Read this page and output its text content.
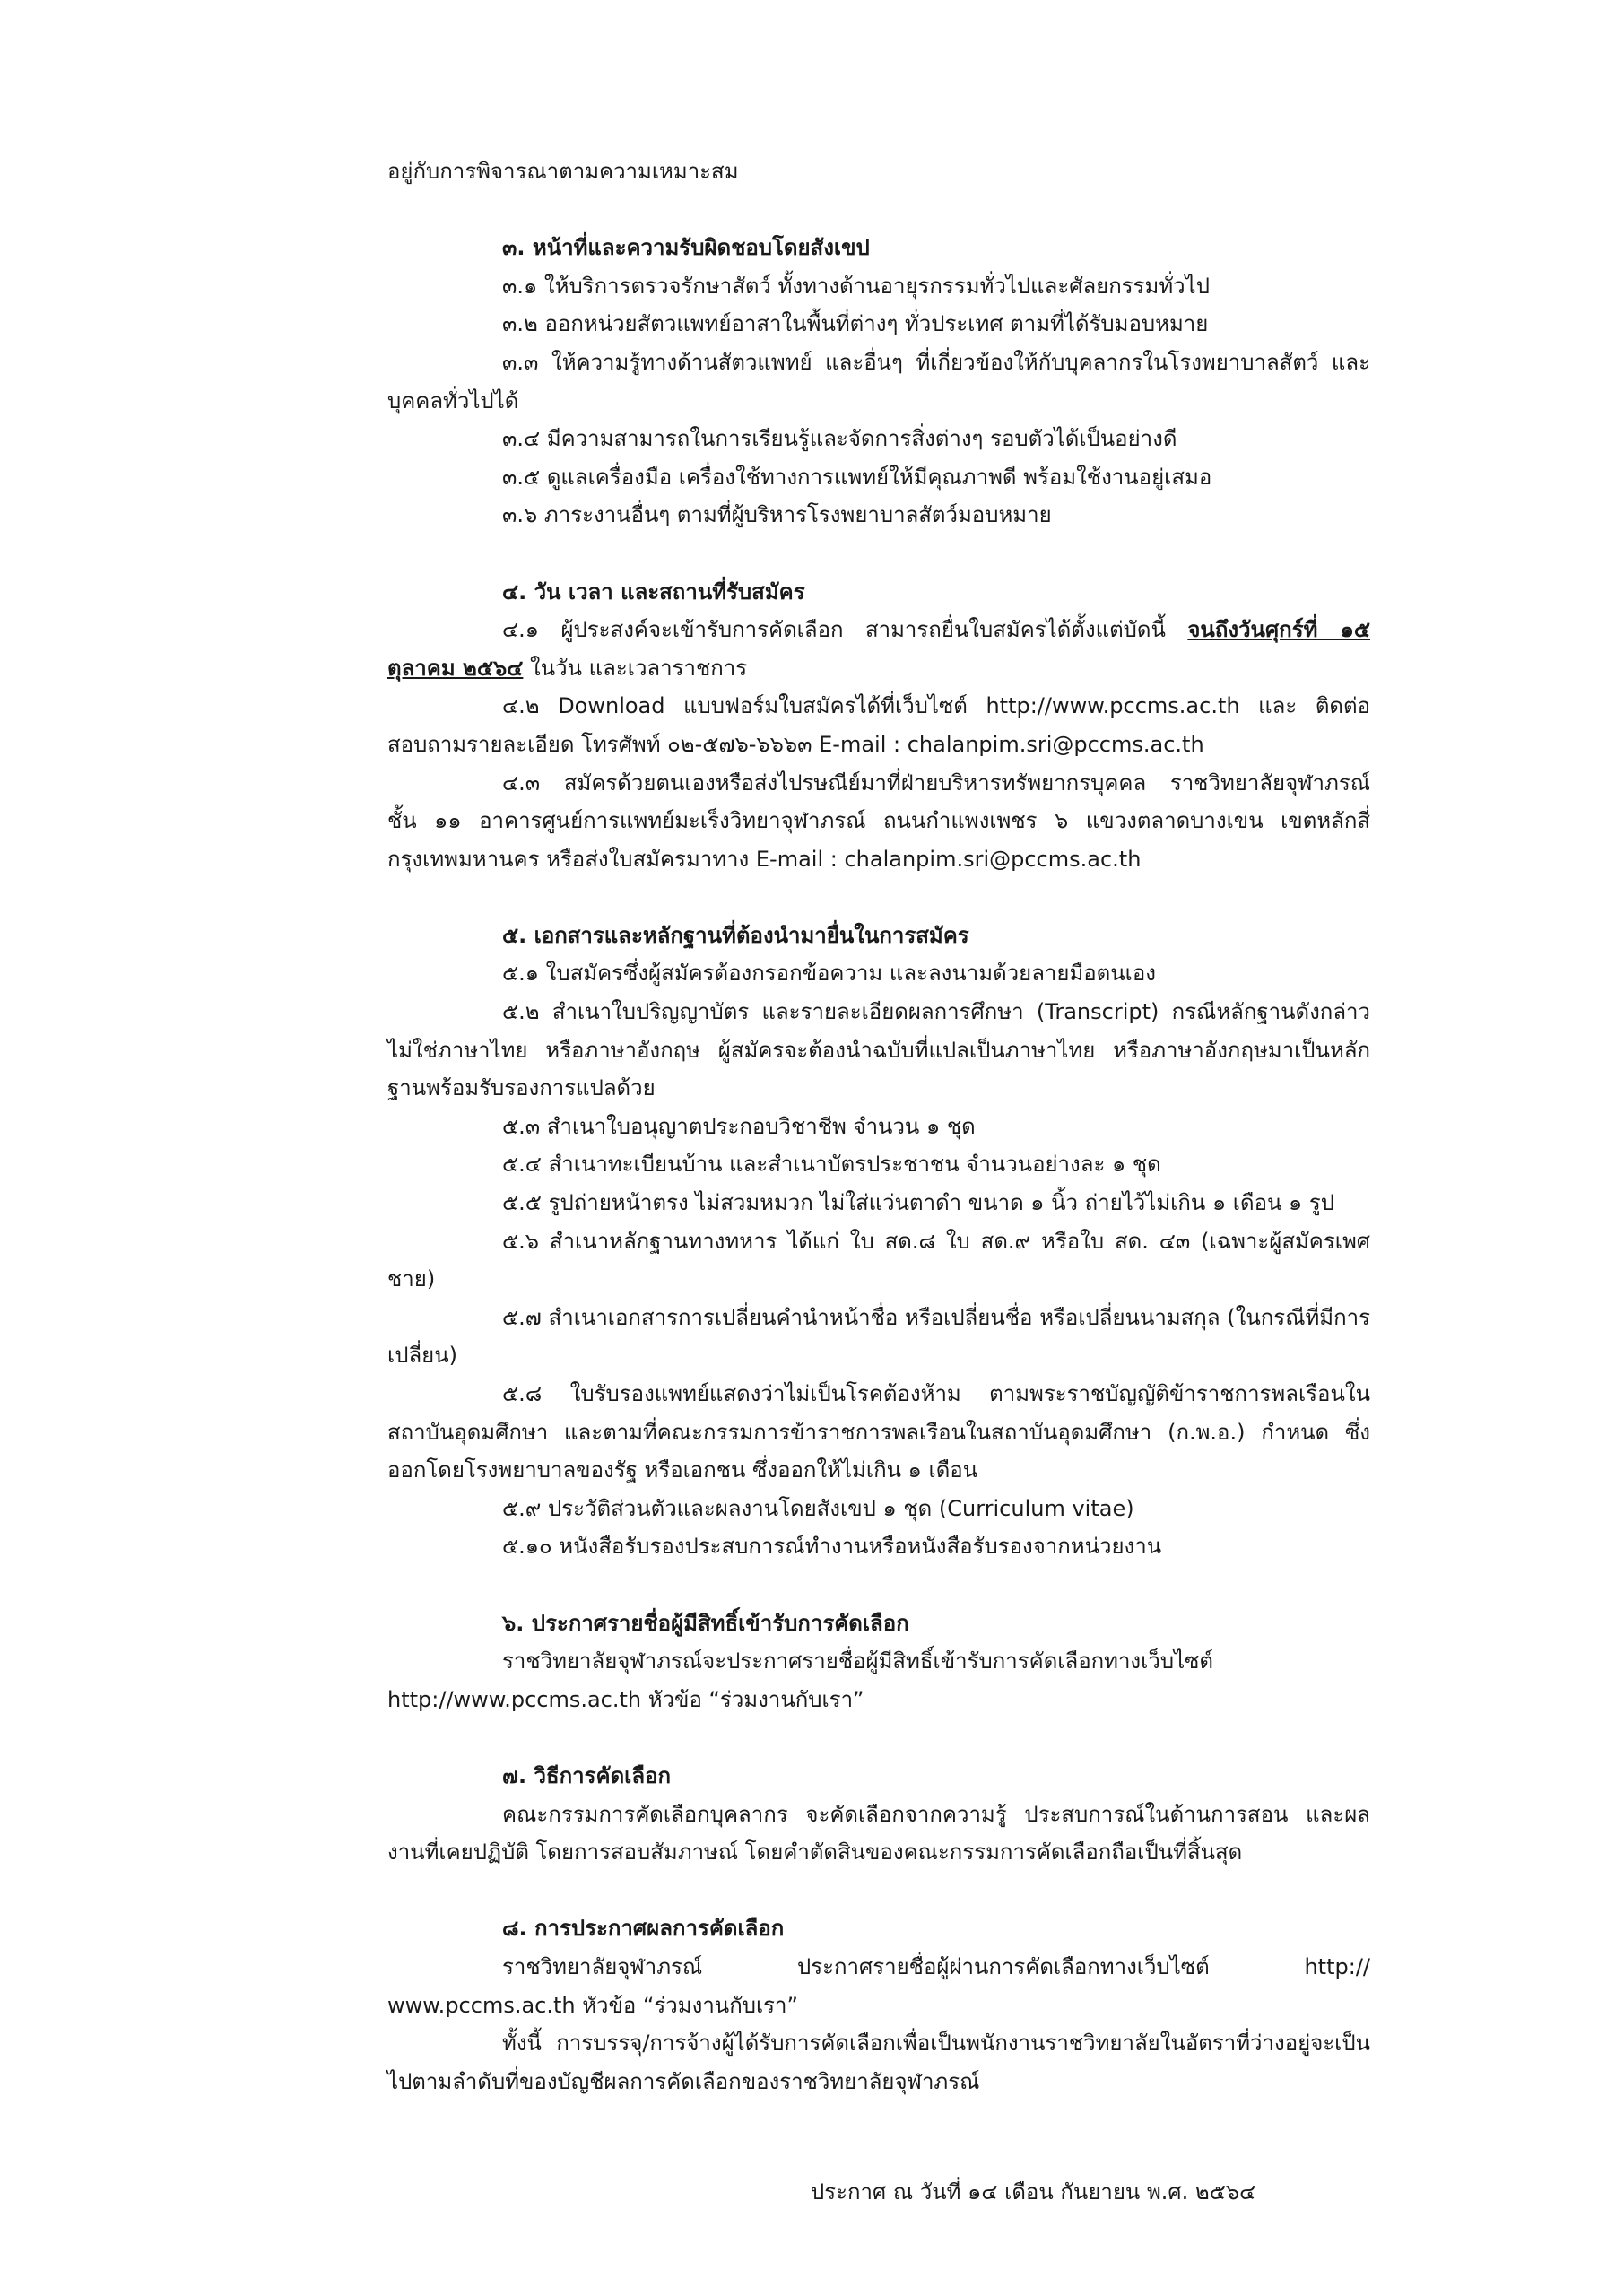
อยู่กับการพิจารณาตามความเหมาะสม

๓. หน้าที่และความรับผิดชอบโดยสังเขป

๓.๑ ให้บริการตรวจรักษาสัตว์ ทั้งทางด้านอายุรกรรมทั่วไปและศัลยกรรมทั่วไป

๓.๒ ออกหน่วยสัตวแพทย์อาสาในพื้นที่ต่างๆ ทั่วประเทศ ตามที่ได้รับมอบหมาย

๓.๓ ให้ความรู้ทางด้านสัตวแพทย์ และอื่นๆ ที่เกี่ยวข้องให้กับบุคลากรในโรงพยาบาลสัตว์ และบุคคลทั่วไปได้

๓.๔ มีความสามารถในการเรียนรู้และจัดการสิ่งต่างๆ รอบตัวได้เป็นอย่างดี

๓.๕ ดูแลเครื่องมือ เครื่องใช้ทางการแพทย์ให้มีคุณภาพดี พร้อมใช้งานอยู่เสมอ

๓.๖ ภาระงานอื่นๆ ตามที่ผู้บริหารโรงพยาบาลสัตว์มอบหมาย

๔. วัน เวลา และสถานที่รับสมัคร

๔.๑ ผู้ประสงค์จะเข้ารับการคัดเลือก สามารถยื่นใบสมัครได้ตั้งแต่บัดนี้ จนถึงวันศุกร์ที่ ๑๕ ตุลาคม ๒๕๖๔ ในวัน และเวลาราชการ

๔.๒ Download แบบฟอร์มใบสมัครได้ที่เว็บไซต์ http://www.pccms.ac.th และ ติดต่อสอบถามรายละเอียด โทรศัพท์ ๐๒-๕๗๖-๖๖๖๓ E-mail : chalanpim.sri@pccms.ac.th

๔.๓ สมัครด้วยตนเองหรือส่งไปรษณีย์มาที่ฝ่ายบริหารทรัพยากรบุคคล ราชวิทยาลัยจุฬาภรณ์ ชั้น ๑๑ อาคารศูนย์การแพทย์มะเร็งวิทยาจุฬาภรณ์ ถนนกำแพงเพชร ๖ แขวงตลาดบางเขน เขตหลักสี่ กรุงเทพมหานคร หรือส่งใบสมัครมาทาง E-mail : chalanpim.sri@pccms.ac.th

๕. เอกสารและหลักฐานที่ต้องนำมายื่นในการสมัคร

๕.๑ ใบสมัครซึ่งผู้สมัครต้องกรอกข้อความ และลงนามด้วยลายมือตนเอง

๕.๒ สำเนาใบปริญญาบัตร และรายละเอียดผลการศึกษา (Transcript) กรณีหลักฐานดังกล่าวไม่ใช่ภาษาไทย หรือภาษาอังกฤษ ผู้สมัครจะต้องนำฉบับที่แปลเป็นภาษาไทย หรือภาษาอังกฤษมาเป็นหลักฐานพร้อมรับรองการแปลด้วย

๕.๓ สำเนาใบอนุญาตประกอบวิชาชีพ จำนวน ๑ ชุด

๕.๔ สำเนาทะเบียนบ้าน และสำเนาบัตรประชาชน จำนวนอย่างละ ๑ ชุด

๕.๕ รูปถ่ายหน้าตรง ไม่สวมหมวก ไม่ใส่แว่นตาดำ ขนาด ๑ นิ้ว ถ่ายไว้ไม่เกิน ๑ เดือน ๑ รูป

๕.๖ สำเนาหลักฐานทางทหาร ได้แก่ ใบ สด.๘ ใบ สด.๙ หรือใบ สด. ๔๓ (เฉพาะผู้สมัครเพศชาย)

๕.๗ สำเนาเอกสารการเปลี่ยนคำนำหน้าชื่อ หรือเปลี่ยนชื่อ หรือเปลี่ยนนามสกุล (ในกรณีที่มีการเปลี่ยน)

๕.๘ ใบรับรองแพทย์แสดงว่าไม่เป็นโรคต้องห้าม ตามพระราชบัญญัติข้าราชการพลเรือนในสถาบันอุดมศึกษา และตามที่คณะกรรมการข้าราชการพลเรือนในสถาบันอุดมศึกษา (ก.พ.อ.) กำหนด ซึ่งออกโดยโรงพยาบาลของรัฐ หรือเอกชน ซึ่งออกให้ไม่เกิน ๑ เดือน

๕.๙ ประวัติส่วนตัวและผลงานโดยสังเขป ๑ ชุด (Curriculum vitae)

๕.๑๐ หนังสือรับรองประสบการณ์ทำงานหรือหนังสือรับรองจากหน่วยงาน

๖. ประกาศรายชื่อผู้มีสิทธิ์เข้ารับการคัดเลือก

ราชวิทยาลัยจุฬาภรณ์จะประกาศรายชื่อผู้มีสิทธิ์เข้ารับการคัดเลือกทางเว็บไซต์ http://www.pccms.ac.th หัวข้อ “ร่วมงานกับเรา”

๗. วิธีการคัดเลือก

คณะกรรมการคัดเลือกบุคลากร จะคัดเลือกจากความรู้ ประสบการณ์ในด้านการสอน และผลงานที่เคยปฏิบัติ โดยการสอบสัมภาษณ์ โดยคำตัดสินของคณะกรรมการคัดเลือกถือเป็นที่สิ้นสุด

๘. การประกาศผลการคัดเลือก

ราชวิทยาลัยจุฬาภรณ์ ประกาศรายชื่อผู้ผ่านการคัดเลือกทางเว็บไซต์ http:// www.pccms.ac.th หัวข้อ “ร่วมงานกับเรา”

ทั้งนี้ การบรรจุ/การจ้างผู้ได้รับการคัดเลือกเพื่อเป็นพนักงานราชวิทยาลัยในอัตราที่ว่างอยู่จะเป็นไปตามลำดับที่ของบัญชีผลการคัดเลือกของราชวิทยาลัยจุฬาภรณ์

ประกาศ ณ วันที่ ๑๔ เดือน กันยายน พ.ศ. ๒๕๖๔
